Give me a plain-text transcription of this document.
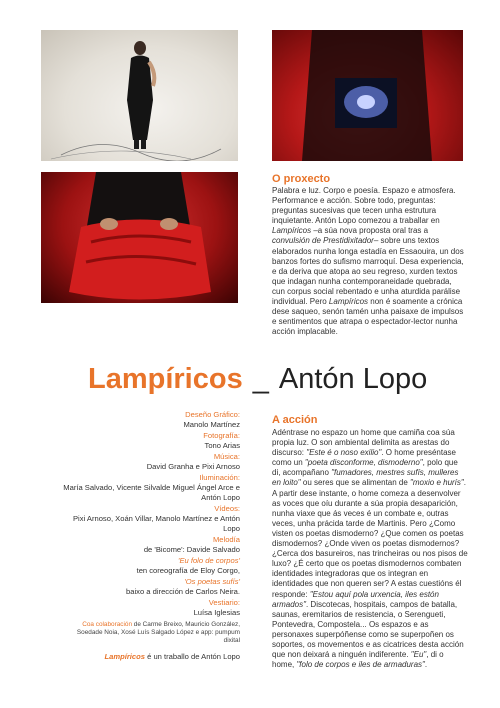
O proxecto

Palabra e luz. Corpo e poesía. Espazo e atmosfera. Performance e acción. Sobre todo, preguntas: preguntas sucesivas que tecen unha estrutura inquietante. Antón Lopo comezou a traballar en Lampíricos –a súa nova proposta oral tras a convulsión de Prestidixitador– sobre uns textos elaborados nunha longa estadía en Essaouira, un dos banzos fortes do sufismo marroquí. Desa experiencia, e da deriva que atopa ao seu regreso, xurden textos que indagan nunha contemporaneidade quebrada, cun corpus social rebentado e unha aturdida parálise individual. Pero Lampíricos non é soamente a crónica dese saqueo, senón tamén unha paisaxe de impulsos e sentimentos que atrapa o espectador-lector nunha acción implacable.

Lampíricos _ Antón Lopo
Deseño Gráfico:
Manolo Martínez
Fotografía:
Tono Arias
Música:
David Granha e Pixi Arnoso
Iluminación:
María Salvado, Vicente Silvalde Miguel Ángel Arce e Antón Lopo
Vídeos:
Pixi Arnoso, Xoán Villar, Manolo Martínez e Antón Lopo
Melodía
de 'Bicome': Davide Salvado
'Eu folo de corpos'
ten coreografía de Eloy Corgo,
'Os poetas sufís'
baixo a dirección de Carlos Neira.
Vestiario:
Luísa Iglesias
Coa colaboración de Carme Breixo, Mauricio González, Soedade Noia, Xosé Luís Salgado López e app: pumpum dixital
Lampíricos é un traballo de Antón Lopo
A acción

Adéntrase no espazo un home que camiña coa súa propia luz. O son ambiental delimita as arestas do discurso: "Este é o noso exilio". O home preséntase como un "poeta disconforme, dismoderno", polo que di, acompañano "fumadores, mestres sufís, mulleres en loito" ou seres que se alimentan de "moxio e hurís". A partir dese instante, o home comeza a desenvolver as voces que oíu durante a súa propia desaparición, nunha viaxe que ás veces é un combate e, outras veces, unha prácida tarde de Martinis. Pero ¿Como visten os poetas dismoderno? ¿Que comen os poetas dismodernos? ¿Onde viven os poetas dismodernos? ¿Cerca dos basureiros, nas trincheiras ou nos pisos de luxo? ¿É certo que os poetas dismodernos combaten identidades integradoras que os integran en identidades que non queren ser? A estas cuestións él responde: "Estou aquí pola urxencia, iles estón armados". Discotecas, hospitais, campos de batalla, saunas, eremitarios de resistencia, o Serengueti, Pontevedra, Compostela... Os espazos e as personaxes superpóñense como se superpoñen os soportes, os movementos e as cicatrices desta acción que non deixará a ninguén indiferente. "Eu", di o home, "folo de corpos e iles de armaduras".
